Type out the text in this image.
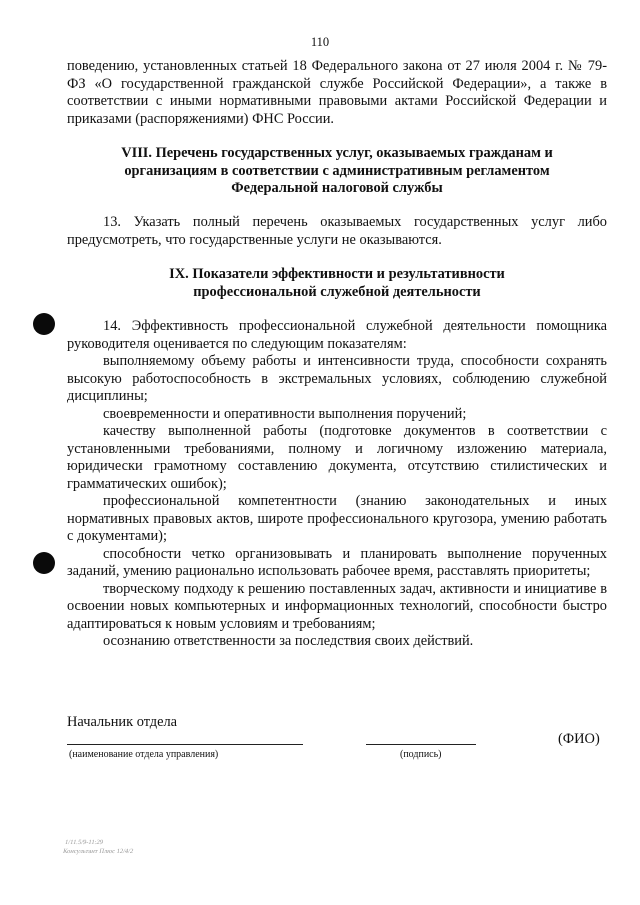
110

поведению, установленных статьей 18 Федерального закона от 27 июля 2004 г. № 79-ФЗ «О государственной гражданской службе Российской Федерации», а также в соответствии с иными нормативными правовыми актами Российской Федерации и приказами (распоряжениями) ФНС России.

VIII. Перечень государственных услуг, оказываемых гражданам и
организациям в соответствии с административным регламентом
Федеральной налоговой службы

13. Указать полный перечень оказываемых государственных услуг либо предусмотреть, что государственные услуги не оказываются.

IX. Показатели эффективности и результативности
профессиональной служебной деятельности

14. Эффективность профессиональной служебной деятельности помощника руководителя оценивается по следующим показателям:

выполняемому объему работы и интенсивности труда, способности сохранять высокую работоспособность в экстремальных условиях, соблюдению служебной дисциплины;

своевременности и оперативности выполнения поручений;

качеству выполненной работы (подготовке документов в соответствии с установленными требованиями, полному и логичному изложению материала, юридически грамотному составлению документа, отсутствию стилистических и грамматических ошибок);

профессиональной компетентности (знанию законодательных и иных нормативных правовых актов, широте профессионального кругозора, умению работать с документами);

способности четко организовывать и планировать выполнение порученных заданий, умению рационально использовать рабочее время, расставлять приоритеты;

творческому подходу к решению поставленных задач, активности и инициативе в освоении новых компьютерных и информационных технологий, способности быстро адаптироваться к новым условиям и требованиям;

осознанию ответственности за последствия своих действий.

Начальник отдела

(наименование отдела управления)	(подпись)

(ФИО)

1/11.5/9-11:29
Консультант Плюс 12/4/2
